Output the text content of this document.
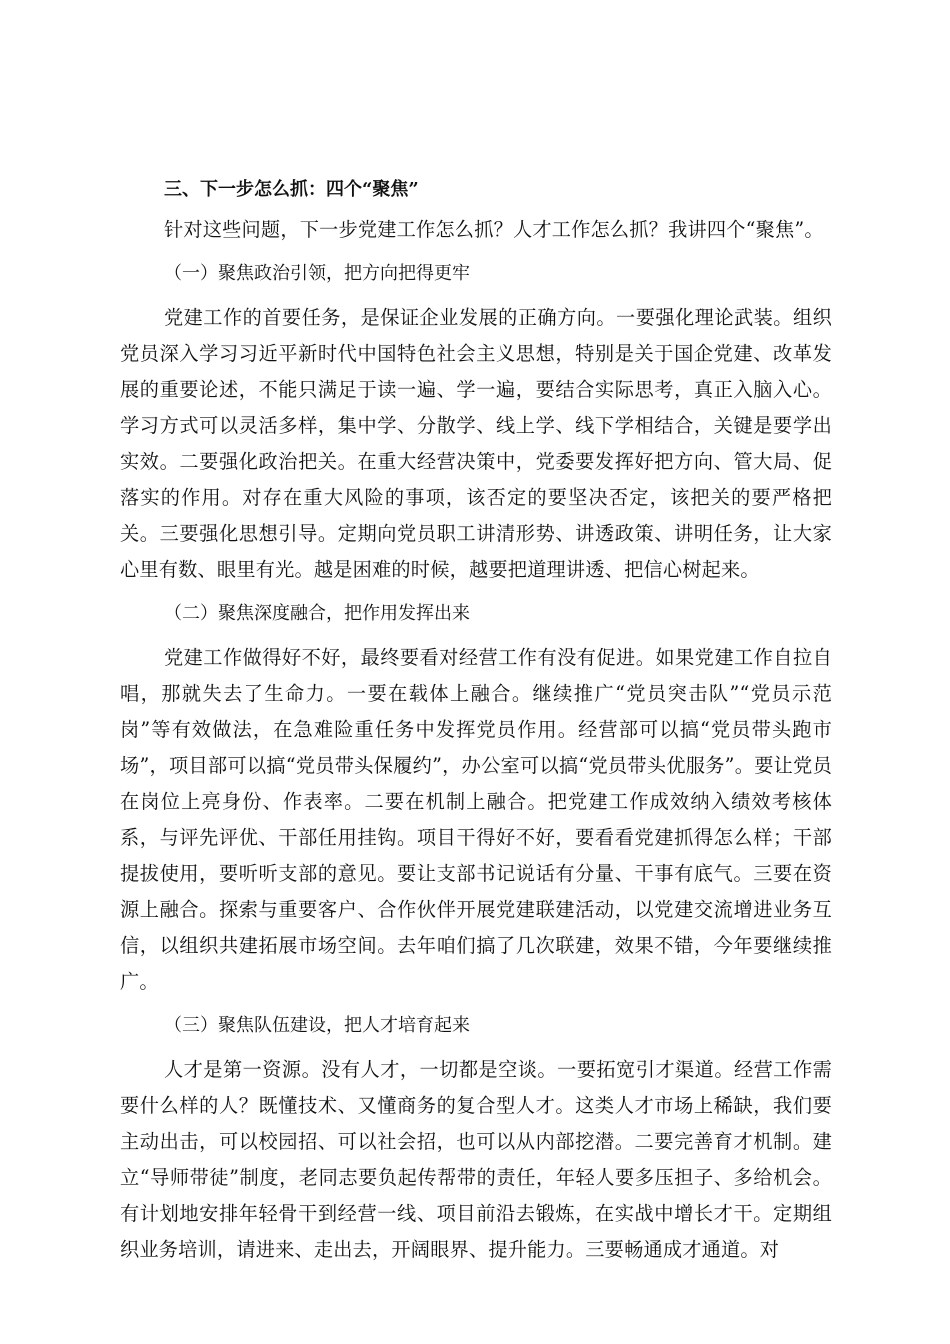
三、下一步怎么抓：四个“聚焦”

针对这些问题，下一步党建工作怎么抓？人才工作怎么抓？我讲四个“聚焦”。

（一）聚焦政治引领，把方向把得更牢

党建工作的首要任务，是保证企业发展的正确方向。一要强化理论武装。组织党员深入学习习近平新时代中国特色社会主义思想，特别是关于国企党建、改革发展的重要论述，不能只满足于读一遍、学一遍，要结合实际思考，真正入脑入心。学习方式可以灵活多样，集中学、分散学、线上学、线下学相结合，关键是要学出实效。二要强化政治把关。在重大经营决策中，党委要发挥好把方向、管大局、促落实的作用。对存在重大风险的事项，该否定的要坚决否定，该把关的要严格把关。三要强化思想引导。定期向党员职工讲清形势、讲透政策、讲明任务，让大家心里有数、眼里有光。越是困难的时候，越要把道理讲透、把信心树起来。

（二）聚焦深度融合，把作用发挥出来

党建工作做得好不好，最终要看对经营工作有没有促进。如果党建工作自拉自唱，那就失去了生命力。一要在载体上融合。继续推广“党员突击队”“党员示范岗”等有效做法，在急难险重任务中发挥党员作用。经营部可以搞“党员带头跑市场”，项目部可以搞“党员带头保履约”，办公室可以搞“党员带头优服务”。要让党员在岗位上亮身份、作表率。二要在机制上融合。把党建工作成效纳入绩效考核体系，与评先评优、干部任用挂钩。项目干得好不好，要看看党建抓得怎么样；干部提拔使用，要听听支部的意见。要让支部书记说话有分量、干事有底气。三要在资源上融合。探索与重要客户、合作伙伴开展党建联建活动，以党建交流增进业务互信，以组织共建拓展市场空间。去年咱们搞了几次联建，效果不错，今年要继续推广。

（三）聚焦队伍建设，把人才培育起来

人才是第一资源。没有人才，一切都是空谈。一要拓宽引才渠道。经营工作需要什么样的人？既懂技术、又懂商务的复合型人才。这类人才市场上稀缺，我们要主动出击，可以校园招、可以社会招，也可以从内部挖潜。二要完善育才机制。建立“导师带徒”制度，老同志要负起传帮带的责任，年轻人要多压担子、多给机会。有计划地安排年轻骨干到经营一线、项目前沿去锻炼，在实战中增长才干。定期组织业务培训，请进来、走出去，开阔眼界、提升能力。三要畅通成才通道。对
